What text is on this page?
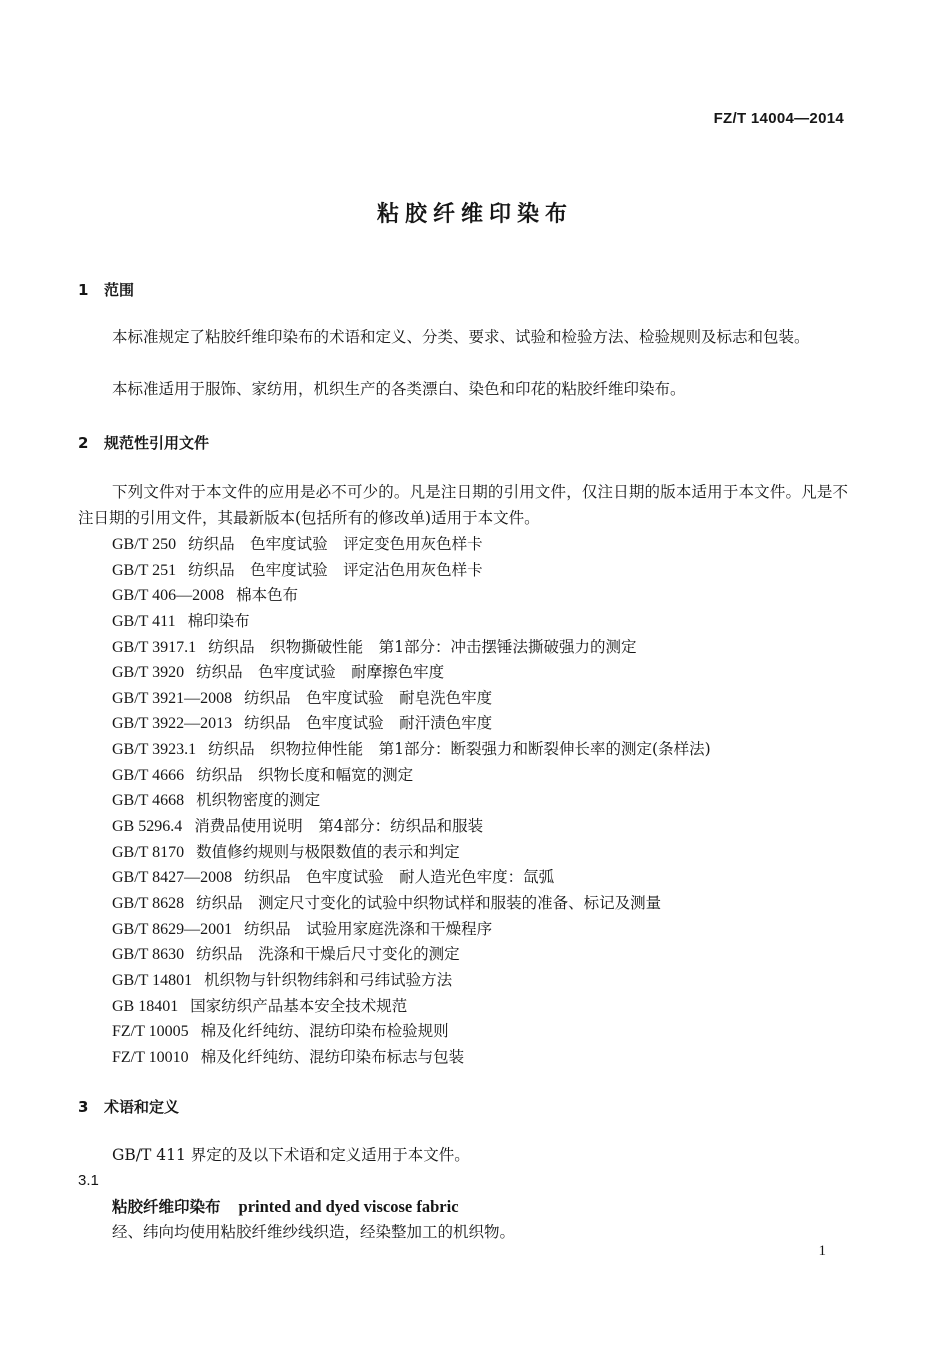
FZ/T 14004—2014
粘胶纤维印染布
1 范围
本标准规定了粘胶纤维印染布的术语和定义、分类、要求、试验和检验方法、检验规则及标志和包装。
本标准适用于服饰、家纺用，机织生产的各类漂白、染色和印花的粘胶纤维印染布。
2 规范性引用文件
下列文件对于本文件的应用是必不可少的。凡是注日期的引用文件，仅注日期的版本适用于本文件。凡是不注日期的引用文件，其最新版本(包括所有的修改单)适用于本文件。
GB/T 250 纺织品　色牢度试验　评定变色用灰色样卡
GB/T 251 纺织品　色牢度试验　评定沾色用灰色样卡
GB/T 406—2008 棉本色布
GB/T 411 棉印染布
GB/T 3917.1 纺织品　织物撕破性能　第1部分：冲击摆锤法撕破强力的测定
GB/T 3920 纺织品　色牢度试验　耐摩擦色牢度
GB/T 3921—2008 纺织品　色牢度试验　耐皂洗色牢度
GB/T 3922—2013 纺织品　色牢度试验　耐汗渍色牢度
GB/T 3923.1 纺织品　织物拉伸性能　第1部分：断裂强力和断裂伸长率的测定(条样法)
GB/T 4666 纺织品　织物长度和幅宽的测定
GB/T 4668 机织物密度的测定
GB 5296.4 消费品使用说明　第4部分：纺织品和服装
GB/T 8170 数值修约规则与极限数值的表示和判定
GB/T 8427—2008 纺织品　色牢度试验　耐人造光色牢度：氙弧
GB/T 8628 纺织品　测定尺寸变化的试验中织物试样和服装的准备、标记及测量
GB/T 8629—2001 纺织品　试验用家庭洗涤和干燥程序
GB/T 8630 纺织品　洗涤和干燥后尺寸变化的测定
GB/T 14801 机织物与针织物纬斜和弓纬试验方法
GB 18401 国家纺织产品基本安全技术规范
FZ/T 10005 棉及化纤纯纺、混纺印染布检验规则
FZ/T 10010 棉及化纤纯纺、混纺印染布标志与包装
3 术语和定义
GB/T 411 界定的及以下术语和定义适用于本文件。
3.1
粘胶纤维印染布 printed and dyed viscose fabric
经、纬向均使用粘胶纤维纱线织造，经染整加工的机织物。
1
